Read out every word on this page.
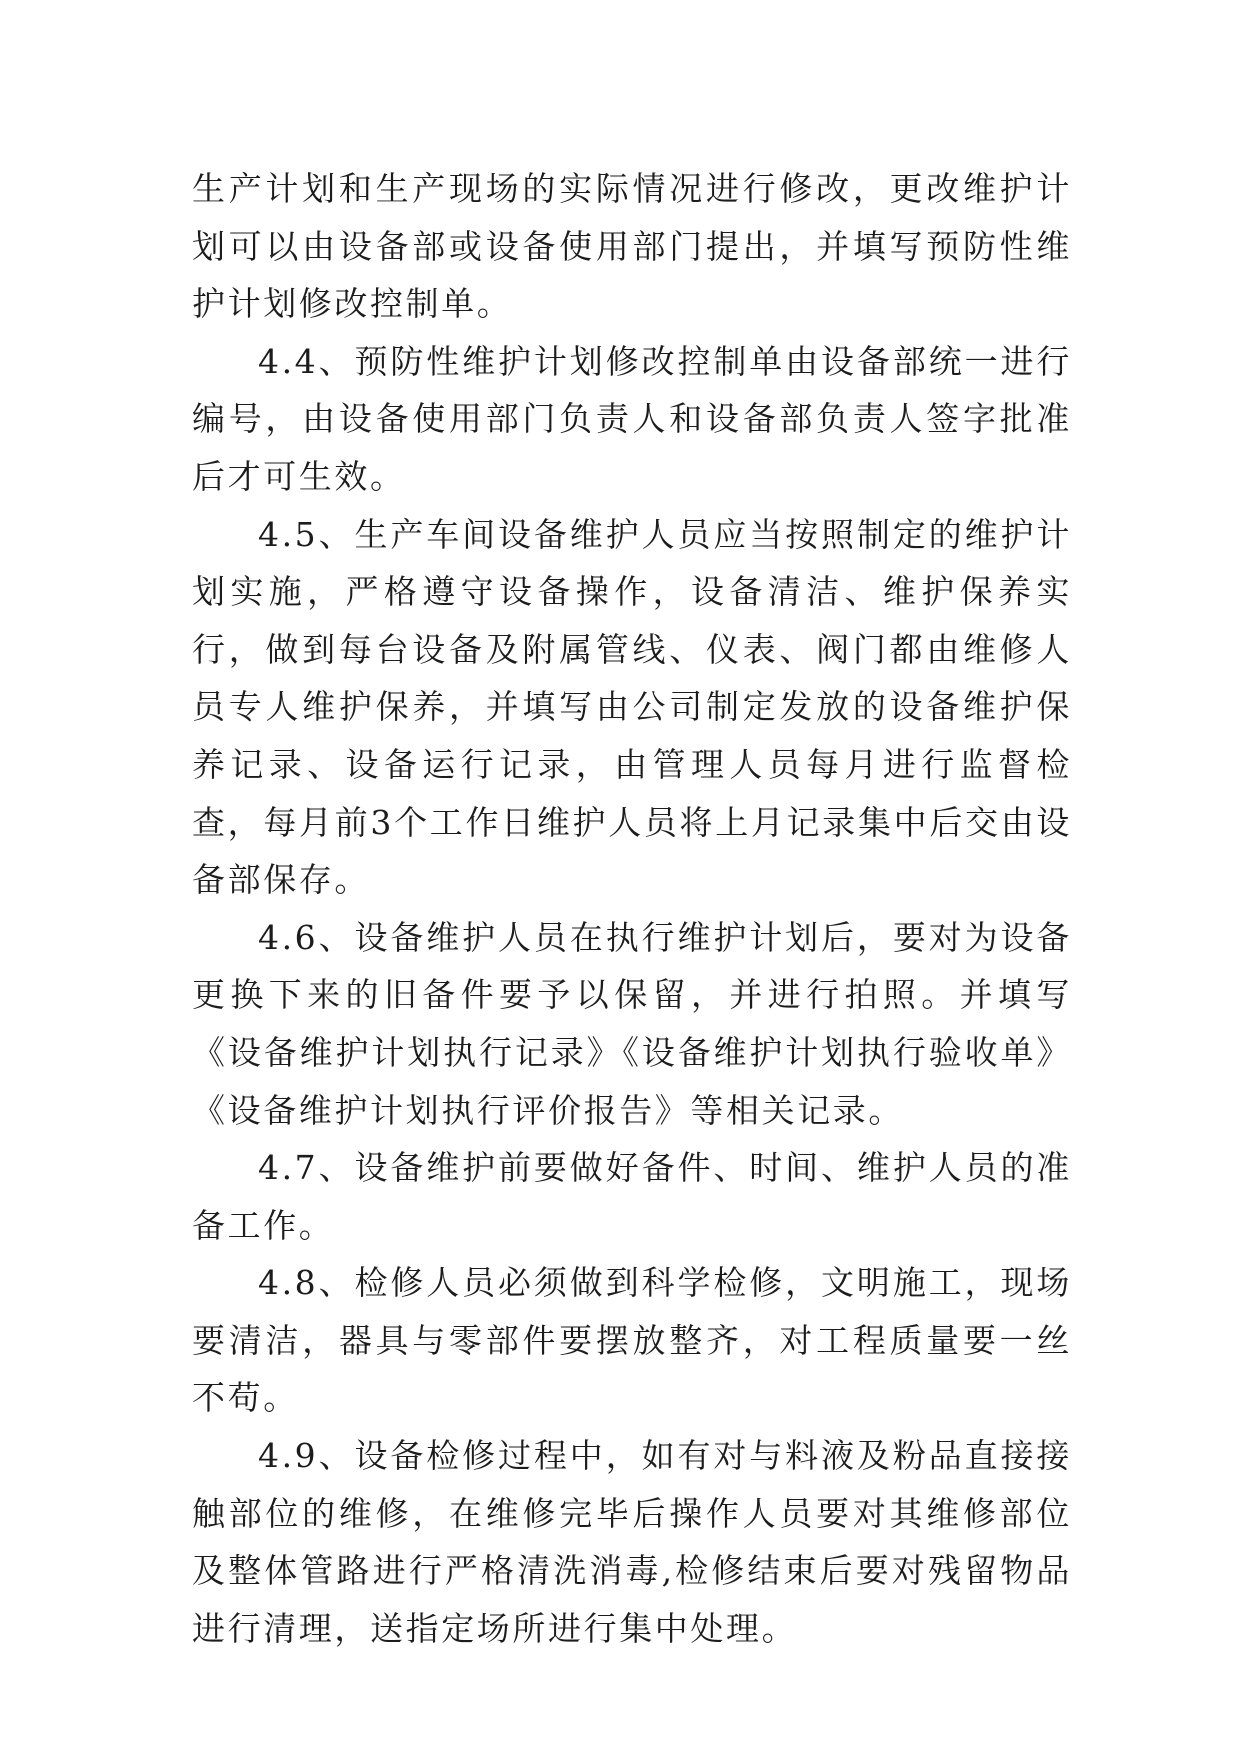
生产计划和生产现场的实际情况进行修改，更改维护计划可以由设备部或设备使用部门提出，并填写预防性维护计划修改控制单。

4.4、预防性维护计划修改控制单由设备部统一进行编号，由设备使用部门负责人和设备部负责人签字批准后才可生效。

4.5、生产车间设备维护人员应当按照制定的维护计划实施，严格遵守设备操作，设备清洁、维护保养实行，做到每台设备及附属管线、仪表、阀门都由维修人员专人维护保养，并填写由公司制定发放的设备维护保养记录、设备运行记录，由管理人员每月进行监督检查，每月前3个工作日维护人员将上月记录集中后交由设备部保存。

4.6、设备维护人员在执行维护计划后，要对为设备更换下来的旧备件要予以保留，并进行拍照。并填写《设备维护计划执行记录》《设备维护计划执行验收单》《设备维护计划执行评价报告》等相关记录。

4.7、设备维护前要做好备件、时间、维护人员的准备工作。

4.8、检修人员必须做到科学检修，文明施工，现场要清洁，器具与零部件要摆放整齐，对工程质量要一丝不苟。

4.9、设备检修过程中，如有对与料液及粉品直接接触部位的维修，在维修完毕后操作人员要对其维修部位及整体管路进行严格清洗消毒,检修结束后要对残留物品进行清理，送指定场所进行集中处理。
